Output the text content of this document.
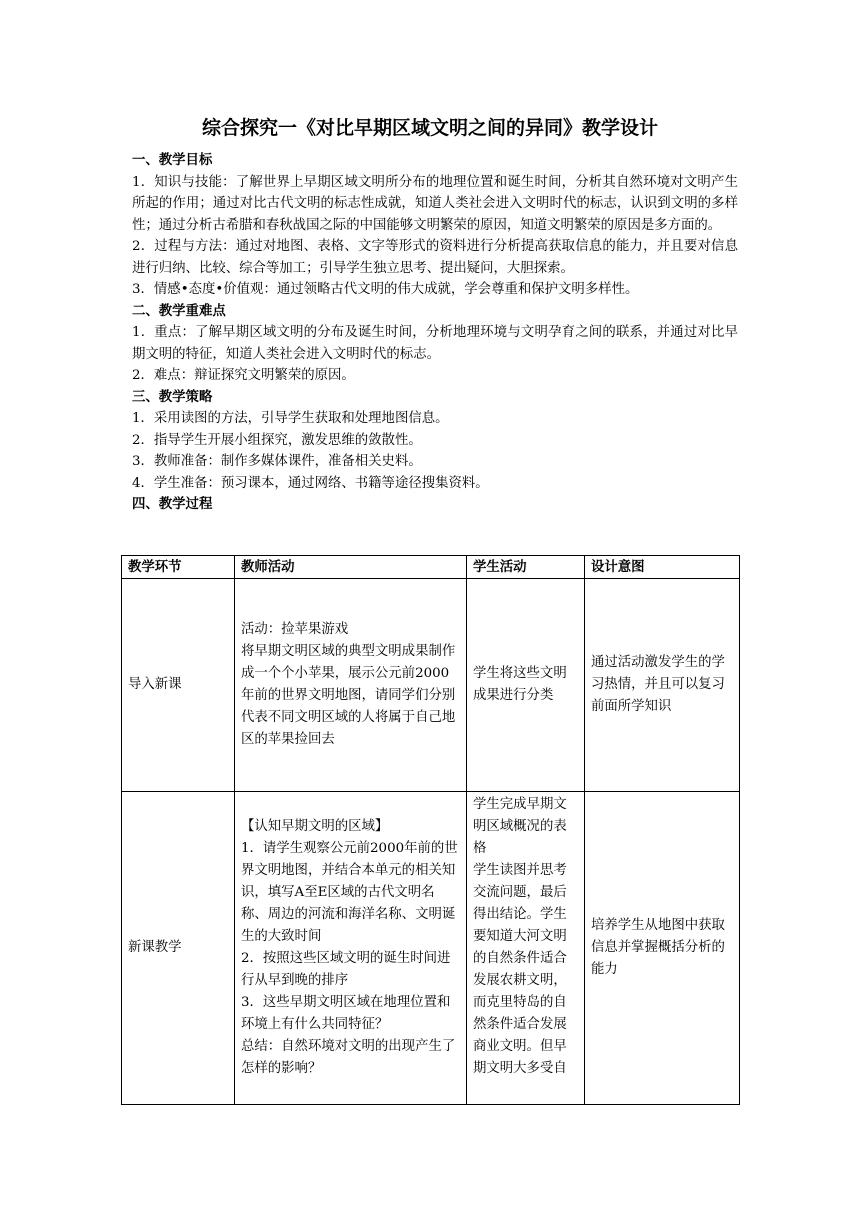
综合探究一《对比早期区域文明之间的异同》教学设计

一、教学目标

1．知识与技能：了解世界上早期区域文明所分布的地理位置和诞生时间，分析其自然环境对文明产生所起的作用；通过对比古代文明的标志性成就，知道人类社会进入文明时代的标志，认识到文明的多样性；通过分析古希腊和春秋战国之际的中国能够文明繁荣的原因，知道文明繁荣的原因是多方面的。

2．过程与方法：通过对地图、表格、文字等形式的资料进行分析提高获取信息的能力，并且要对信息进行归纳、比较、综合等加工；引导学生独立思考、提出疑问，大胆探索。

3．情感•态度•价值观：通过领略古代文明的伟大成就，学会尊重和保护文明多样性。

二、教学重难点

1．重点：了解早期区域文明的分布及诞生时间，分析地理环境与文明孕育之间的联系，并通过对比早期文明的特征，知道人类社会进入文明时代的标志。

2．难点：辩证探究文明繁荣的原因。

三、教学策略

1．采用读图的方法，引导学生获取和处理地图信息。

2．指导学生开展小组探究，激发思维的敛散性。

3．教师准备：制作多媒体课件，准备相关史料。

4．学生准备：预习课本，通过网络、书籍等途径搜集资料。

四、教学过程

教学环节	教师活动	学生活动	设计意图
导入新课	活动：捡苹果游戏
将早期文明区域的典型文明成果制作成一个个小苹果，展示公元前2000年前的世界文明地图，请同学们分别代表不同文明区域的人将属于自己地区的苹果捡回去	学生将这些文明成果进行分类	通过活动激发学生的学习热情，并且可以复习前面所学知识
新课教学	【认知早期文明的区域】
1．请学生观察公元前2000年前的世界文明地图，并结合本单元的相关知识，填写A至E区域的古代文明名称、周边的河流和海洋名称、文明诞生的大致时间
2．按照这些区域文明的诞生时间进行从早到晚的排序
3．这些早期文明区域在地理位置和环境上有什么共同特征？
总结：自然环境对文明的出现产生了怎样的影响？	学生完成早期文明区域概况的表格
学生读图并思考交流问题，最后得出结论。学生要知道大河文明的自然条件适合发展农耕文明，而克里特岛的自然条件适合发展商业文明。但早期文明大多受自	培养学生从地图中获取信息并掌握概括分析的能力
